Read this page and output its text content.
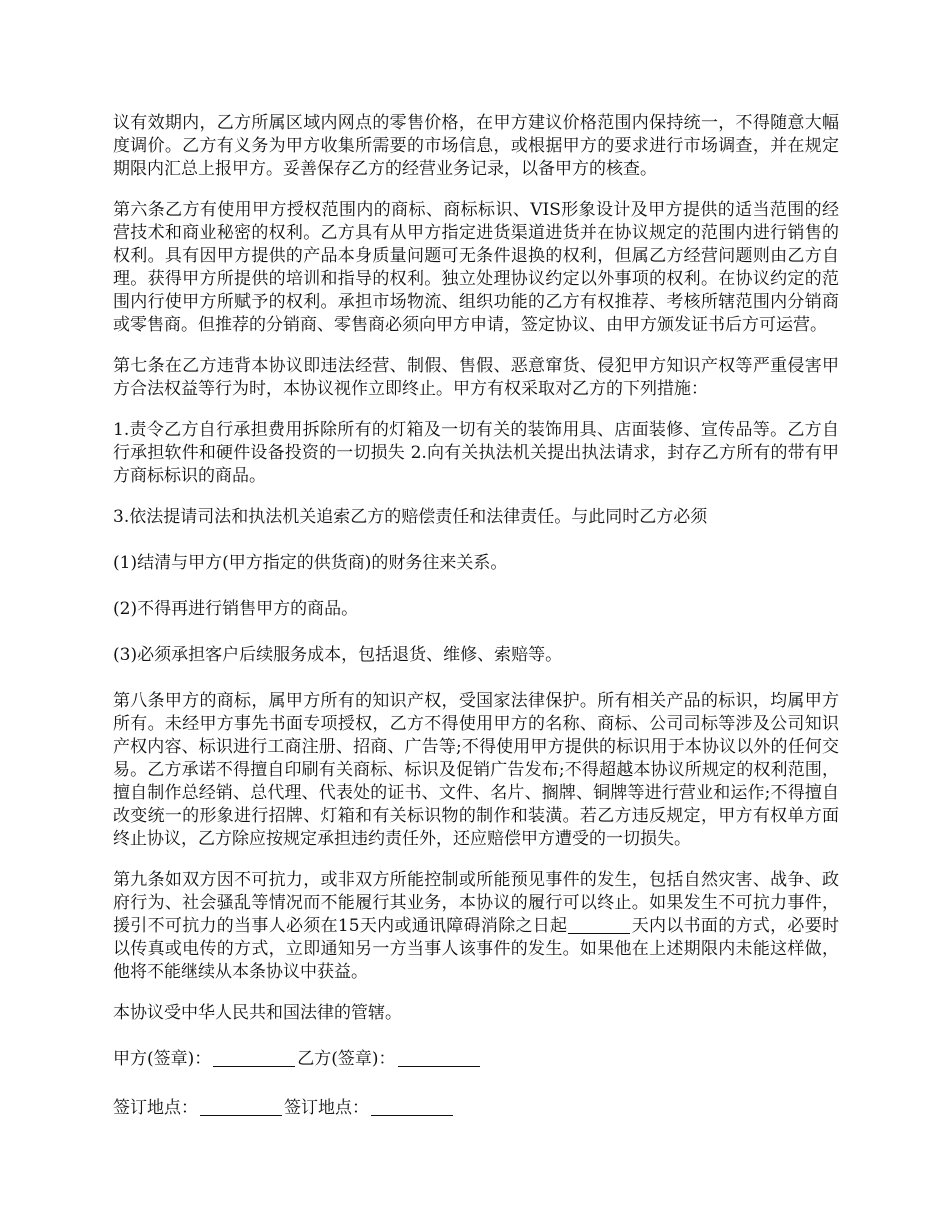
议有效期内，乙方所属区域内网点的零售价格，在甲方建议价格范围内保持统一，不得随意大幅度调价。乙方有义务为甲方收集所需要的市场信息，或根据甲方的要求进行市场调查，并在规定期限内汇总上报甲方。妥善保存乙方的经营业务记录，以备甲方的核查。

第六条乙方有使用甲方授权范围内的商标、商标标识、VIS形象设计及甲方提供的适当范围的经营技术和商业秘密的权利。乙方具有从甲方指定进货渠道进货并在协议规定的范围内进行销售的权利。具有因甲方提供的产品本身质量问题可无条件退换的权利，但属乙方经营问题则由乙方自理。获得甲方所提供的培训和指导的权利。独立处理协议约定以外事项的权利。在协议约定的范围内行使甲方所赋予的权利。承担市场物流、组织功能的乙方有权推荐、考核所辖范围内分销商或零售商。但推荐的分销商、零售商必须向甲方申请，签定协议、由甲方颁发证书后方可运营。

第七条在乙方违背本协议即违法经营、制假、售假、恶意窜货、侵犯甲方知识产权等严重侵害甲方合法权益等行为时，本协议视作立即终止。甲方有权采取对乙方的下列措施：

1.责令乙方自行承担费用拆除所有的灯箱及一切有关的装饰用具、店面装修、宣传品等。乙方自行承担软件和硬件设备投资的一切损失 2.向有关执法机关提出执法请求，封存乙方所有的带有甲方商标标识的商品。

3.依法提请司法和执法机关追索乙方的赔偿责任和法律责任。与此同时乙方必须

(1)结清与甲方(甲方指定的供货商)的财务往来关系。

(2)不得再进行销售甲方的商品。

(3)必须承担客户后续服务成本，包括退货、维修、索赔等。

第八条甲方的商标，属甲方所有的知识产权，受国家法律保护。所有相关产品的标识，均属甲方所有。未经甲方事先书面专项授权，乙方不得使用甲方的名称、商标、公司司标等涉及公司知识产权内容、标识进行工商注册、招商、广告等;不得使用甲方提供的标识用于本协议以外的任何交易。乙方承诺不得擅自印刷有关商标、标识及促销广告发布;不得超越本协议所规定的权利范围，擅自制作总经销、总代理、代表处的证书、文件、名片、搁牌、铜牌等进行营业和运作;不得擅自改变统一的形象进行招牌、灯箱和有关标识物的制作和装潢。若乙方违反规定，甲方有权单方面终止协议，乙方除应按规定承担违约责任外，还应赔偿甲方遭受的一切损失。

第九条如双方因不可抗力，或非双方所能控制或所能预见事件的发生，包括自然灾害、战争、政府行为、社会骚乱等情况而不能履行其业务，本协议的履行可以终止。如果发生不可抗力事件，援引不可抗力的当事人必须在15天内或通讯障碍消除之日起	天内以书面的方式，必要时以传真或电传的方式，立即通知另一方当事人该事件的发生。如果他在上述期限内未能这样做，他将不能继续从本条协议中获益。

本协议受中华人民共和国法律的管辖。

甲方(签章)：	乙方(签章)：

签订地点：	签订地点：
